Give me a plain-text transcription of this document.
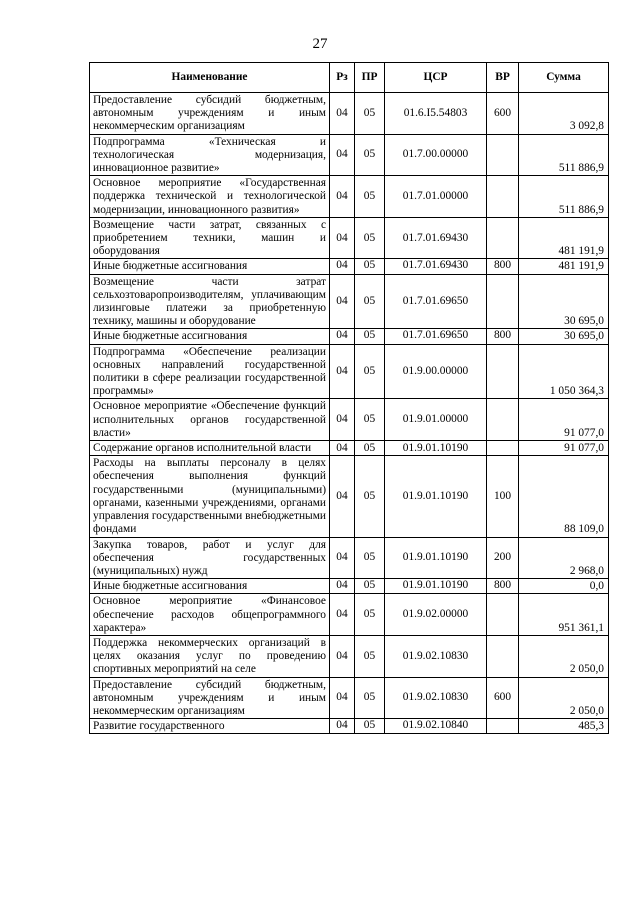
27
Наименование	Рз	ПР	ЦСР	ВР	Сумма
Предоставление субсидий бюджетным, автономным учреждениям и иным некоммерческим организациям	04	05	01.6.I5.54803	600	3 092,8
Подпрограмма «Техническая и технологическая модернизация, инновационное развитие»	04	05	01.7.00.00000		511 886,9
Основное мероприятие «Государственная поддержка технической и технологической модернизации, инновационного развития»	04	05	01.7.01.00000		511 886,9
Возмещение части затрат, связанных с приобретением техники, машин и оборудования	04	05	01.7.01.69430		481 191,9
Иные бюджетные ассигнования	04	05	01.7.01.69430	800	481 191,9
Возмещение части затрат сельхозтоваропроизводителям, уплачивающим лизинговые платежи за приобретенную технику, машины и оборудование	04	05	01.7.01.69650		30 695,0
Иные бюджетные ассигнования	04	05	01.7.01.69650	800	30 695,0
Подпрограмма «Обеспечение реализации основных направлений государственной политики в сфере реализации государственной программы»	04	05	01.9.00.00000		1 050 364,3
Основное мероприятие «Обеспечение функций исполнительных органов государственной власти»	04	05	01.9.01.00000		91 077,0
Содержание органов исполнительной власти	04	05	01.9.01.10190		91 077,0
Расходы на выплаты персоналу в целях обеспечения выполнения функций государственными (муниципальными) органами, казенными учреждениями, органами управления государственными внебюджетными фондами	04	05	01.9.01.10190	100	88 109,0
Закупка товаров, работ и услуг для обеспечения государственных (муниципальных) нужд	04	05	01.9.01.10190	200	2 968,0
Иные бюджетные ассигнования	04	05	01.9.01.10190	800	0,0
Основное мероприятие «Финансовое обеспечение расходов общепрограммного характера»	04	05	01.9.02.00000		951 361,1
Поддержка некоммерческих организаций в целях оказания услуг по проведению спортивных мероприятий на селе	04	05	01.9.02.10830		2 050,0
Предоставление субсидий бюджетным, автономным учреждениям и иным некоммерческим организациям	04	05	01.9.02.10830	600	2 050,0
Развитие государственного	04	05	01.9.02.10840		485,3
